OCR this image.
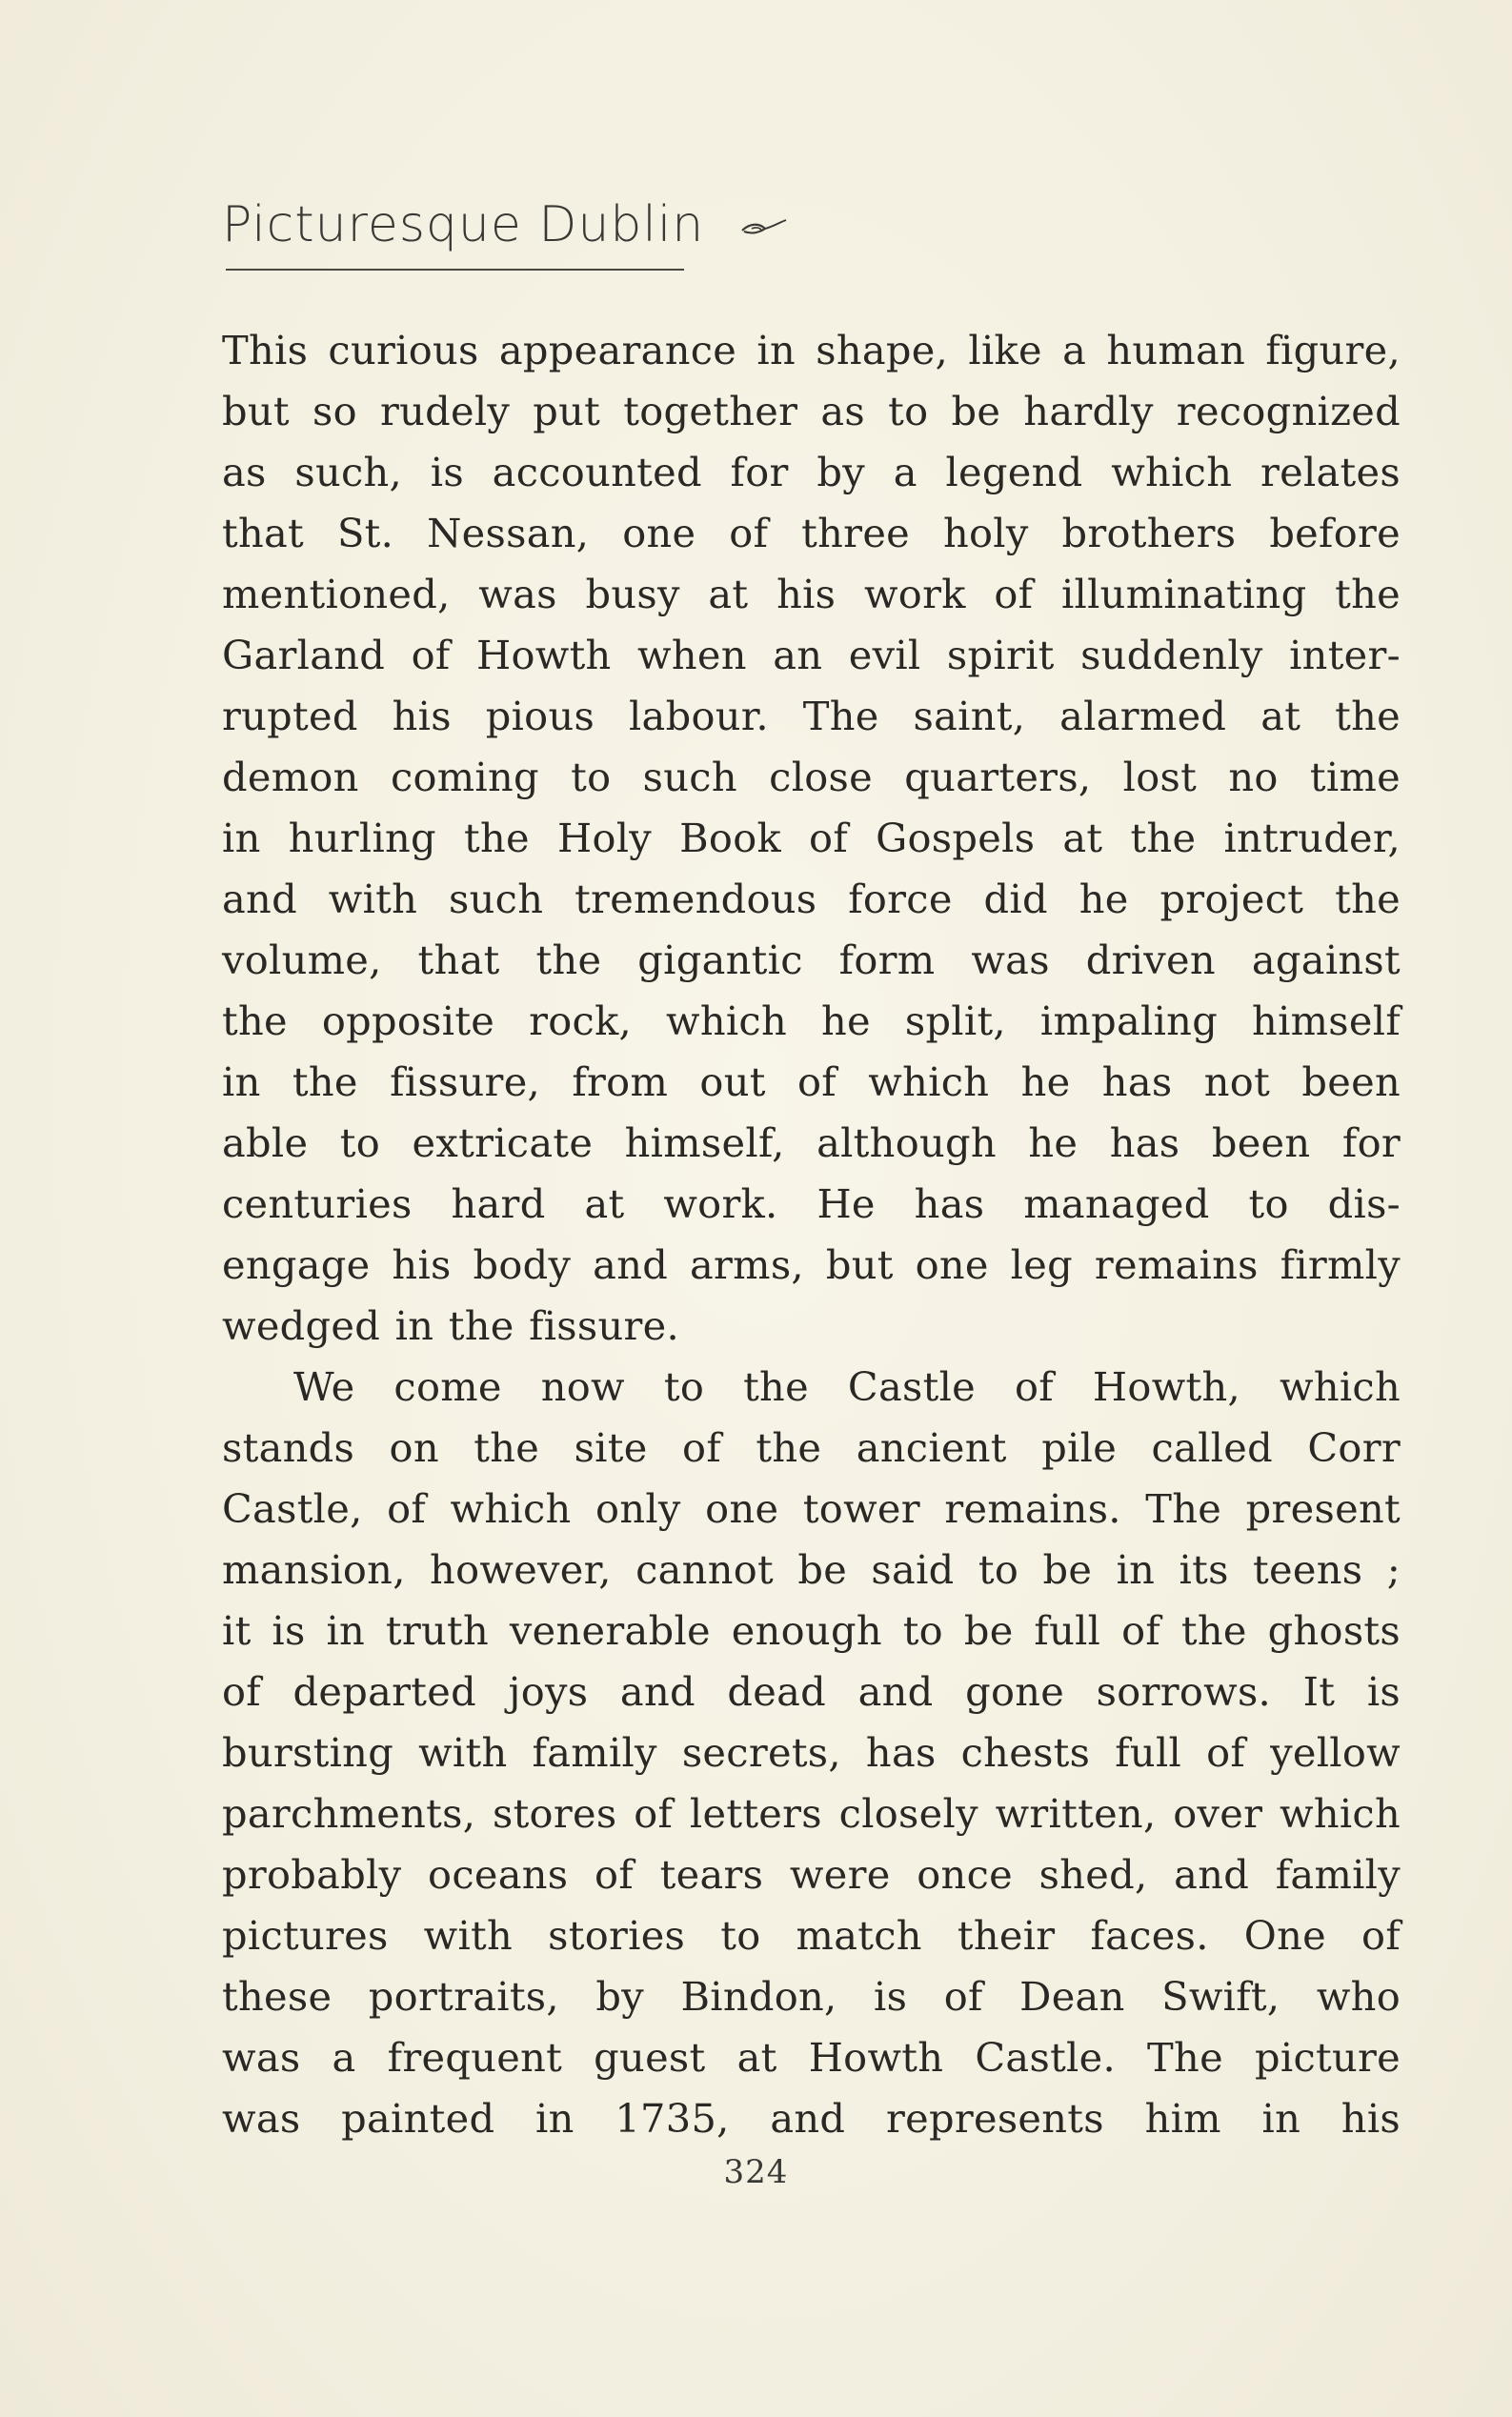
Picturesque Dublin
This curious appearance in shape, like a human figure,
but so rudely put together as to be hardly recognized
as such, is accounted for by a legend which relates
that St. Nessan, one of three holy brothers before
mentioned, was busy at his work of illuminating the
Garland of Howth when an evil spirit suddenly inter-
rupted his pious labour. The saint, alarmed at the
demon coming to such close quarters, lost no time
in hurling the Holy Book of Gospels at the intruder,
and with such tremendous force did he project the
volume, that the gigantic form was driven against
the opposite rock, which he split, impaling himself
in the fissure, from out of which he has not been
able to extricate himself, although he has been for
centuries hard at work. He has managed to dis-
engage his body and arms, but one leg remains firmly
wedged in the fissure.
We come now to the Castle of Howth, which
stands on the site of the ancient pile called Corr
Castle, of which only one tower remains. The present
mansion, however, cannot be said to be in its teens ;
it is in truth venerable enough to be full of the ghosts
of departed joys and dead and gone sorrows. It is
bursting with family secrets, has chests full of yellow
parchments, stores of letters closely written, over which
probably oceans of tears were once shed, and family
pictures with stories to match their faces. One of
these portraits, by Bindon, is of Dean Swift, who
was a frequent guest at Howth Castle. The picture
was painted in 1735, and represents him in his
324
